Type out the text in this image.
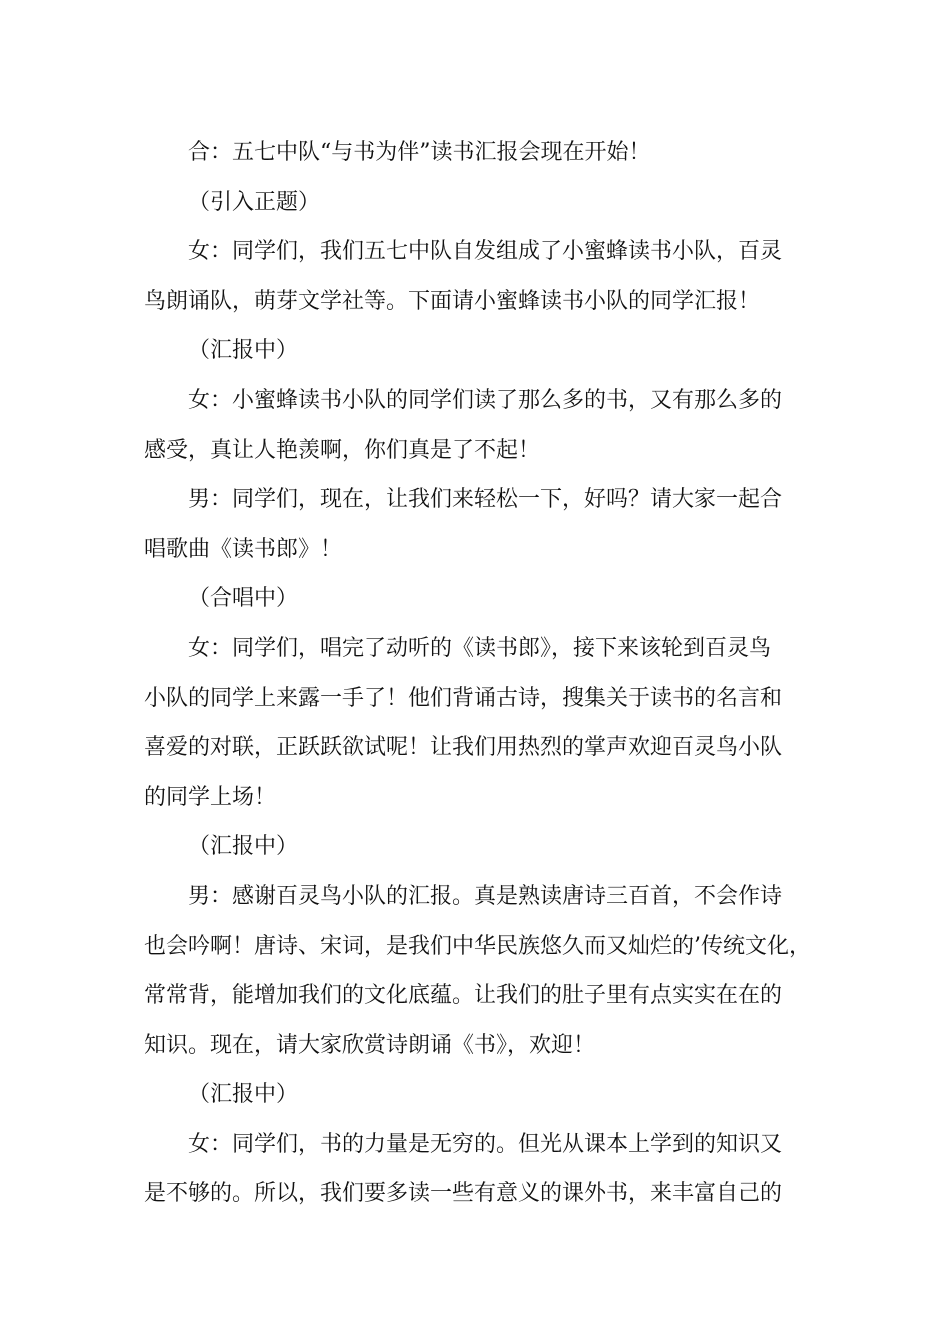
合：五七中队“与书为伴”读书汇报会现在开始！

（引入正题）

女：同学们，我们五七中队自发组成了小蜜蜂读书小队，百灵
鸟朗诵队，萌芽文学社等。下面请小蜜蜂读书小队的同学汇报！

（汇报中）

女：小蜜蜂读书小队的同学们读了那么多的书，又有那么多的
感受，真让人艳羡啊，你们真是了不起！

男：同学们，现在，让我们来轻松一下，好吗？请大家一起合
唱歌曲《读书郎》！

（合唱中）

女：同学们，唱完了动听的《读书郎》，接下来该轮到百灵鸟
小队的同学上来露一手了！他们背诵古诗，搜集关于读书的名言和
喜爱的对联，正跃跃欲试呢！让我们用热烈的掌声欢迎百灵鸟小队
的同学上场！

（汇报中）

男：感谢百灵鸟小队的汇报。真是熟读唐诗三百首，不会作诗
也会吟啊！唐诗、宋词，是我们中华民族悠久而又灿烂的’传统文化，
常常背，能增加我们的文化底蕴。让我们的肚子里有点实实在在的
知识。现在，请大家欣赏诗朗诵《书》，欢迎！

（汇报中）

女：同学们，书的力量是无穷的。但光从课本上学到的知识又
是不够的。所以，我们要多读一些有意义的课外书，来丰富自己的
